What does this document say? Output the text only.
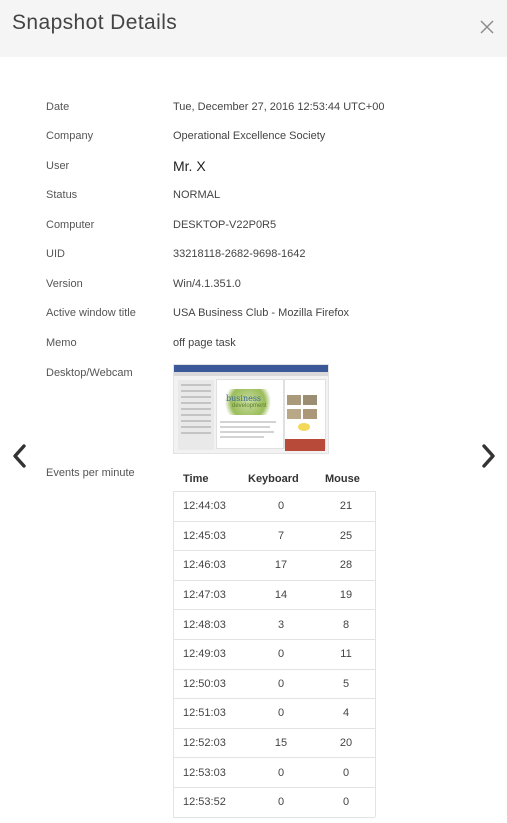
Snapshot Details
Date	Tue, December 27, 2016 12:53:44 UTC+00
Company	Operational Excellence Society
User	Mr. X
Status	NORMAL
Computer	DESKTOP-V22P0R5
UID	33218118-2682-9698-1642
Version	Win/4.1.351.0
Active window title	USA Business Club - Mozilla Firefox
Memo	off page task
Desktop/Webcam
business
development
Events per minute	Time	Keyboard Mouse
12:44:03	0	21
12:45:03	7	25
12:46:03	17	28
12:47:03	14	19
12:48:03	3	8
12:49:03	0	11
12:50:03	0	5
12:51:03	0	4
12:52:03	15	20
12:53:03	0	0
12:53:52	0	0
